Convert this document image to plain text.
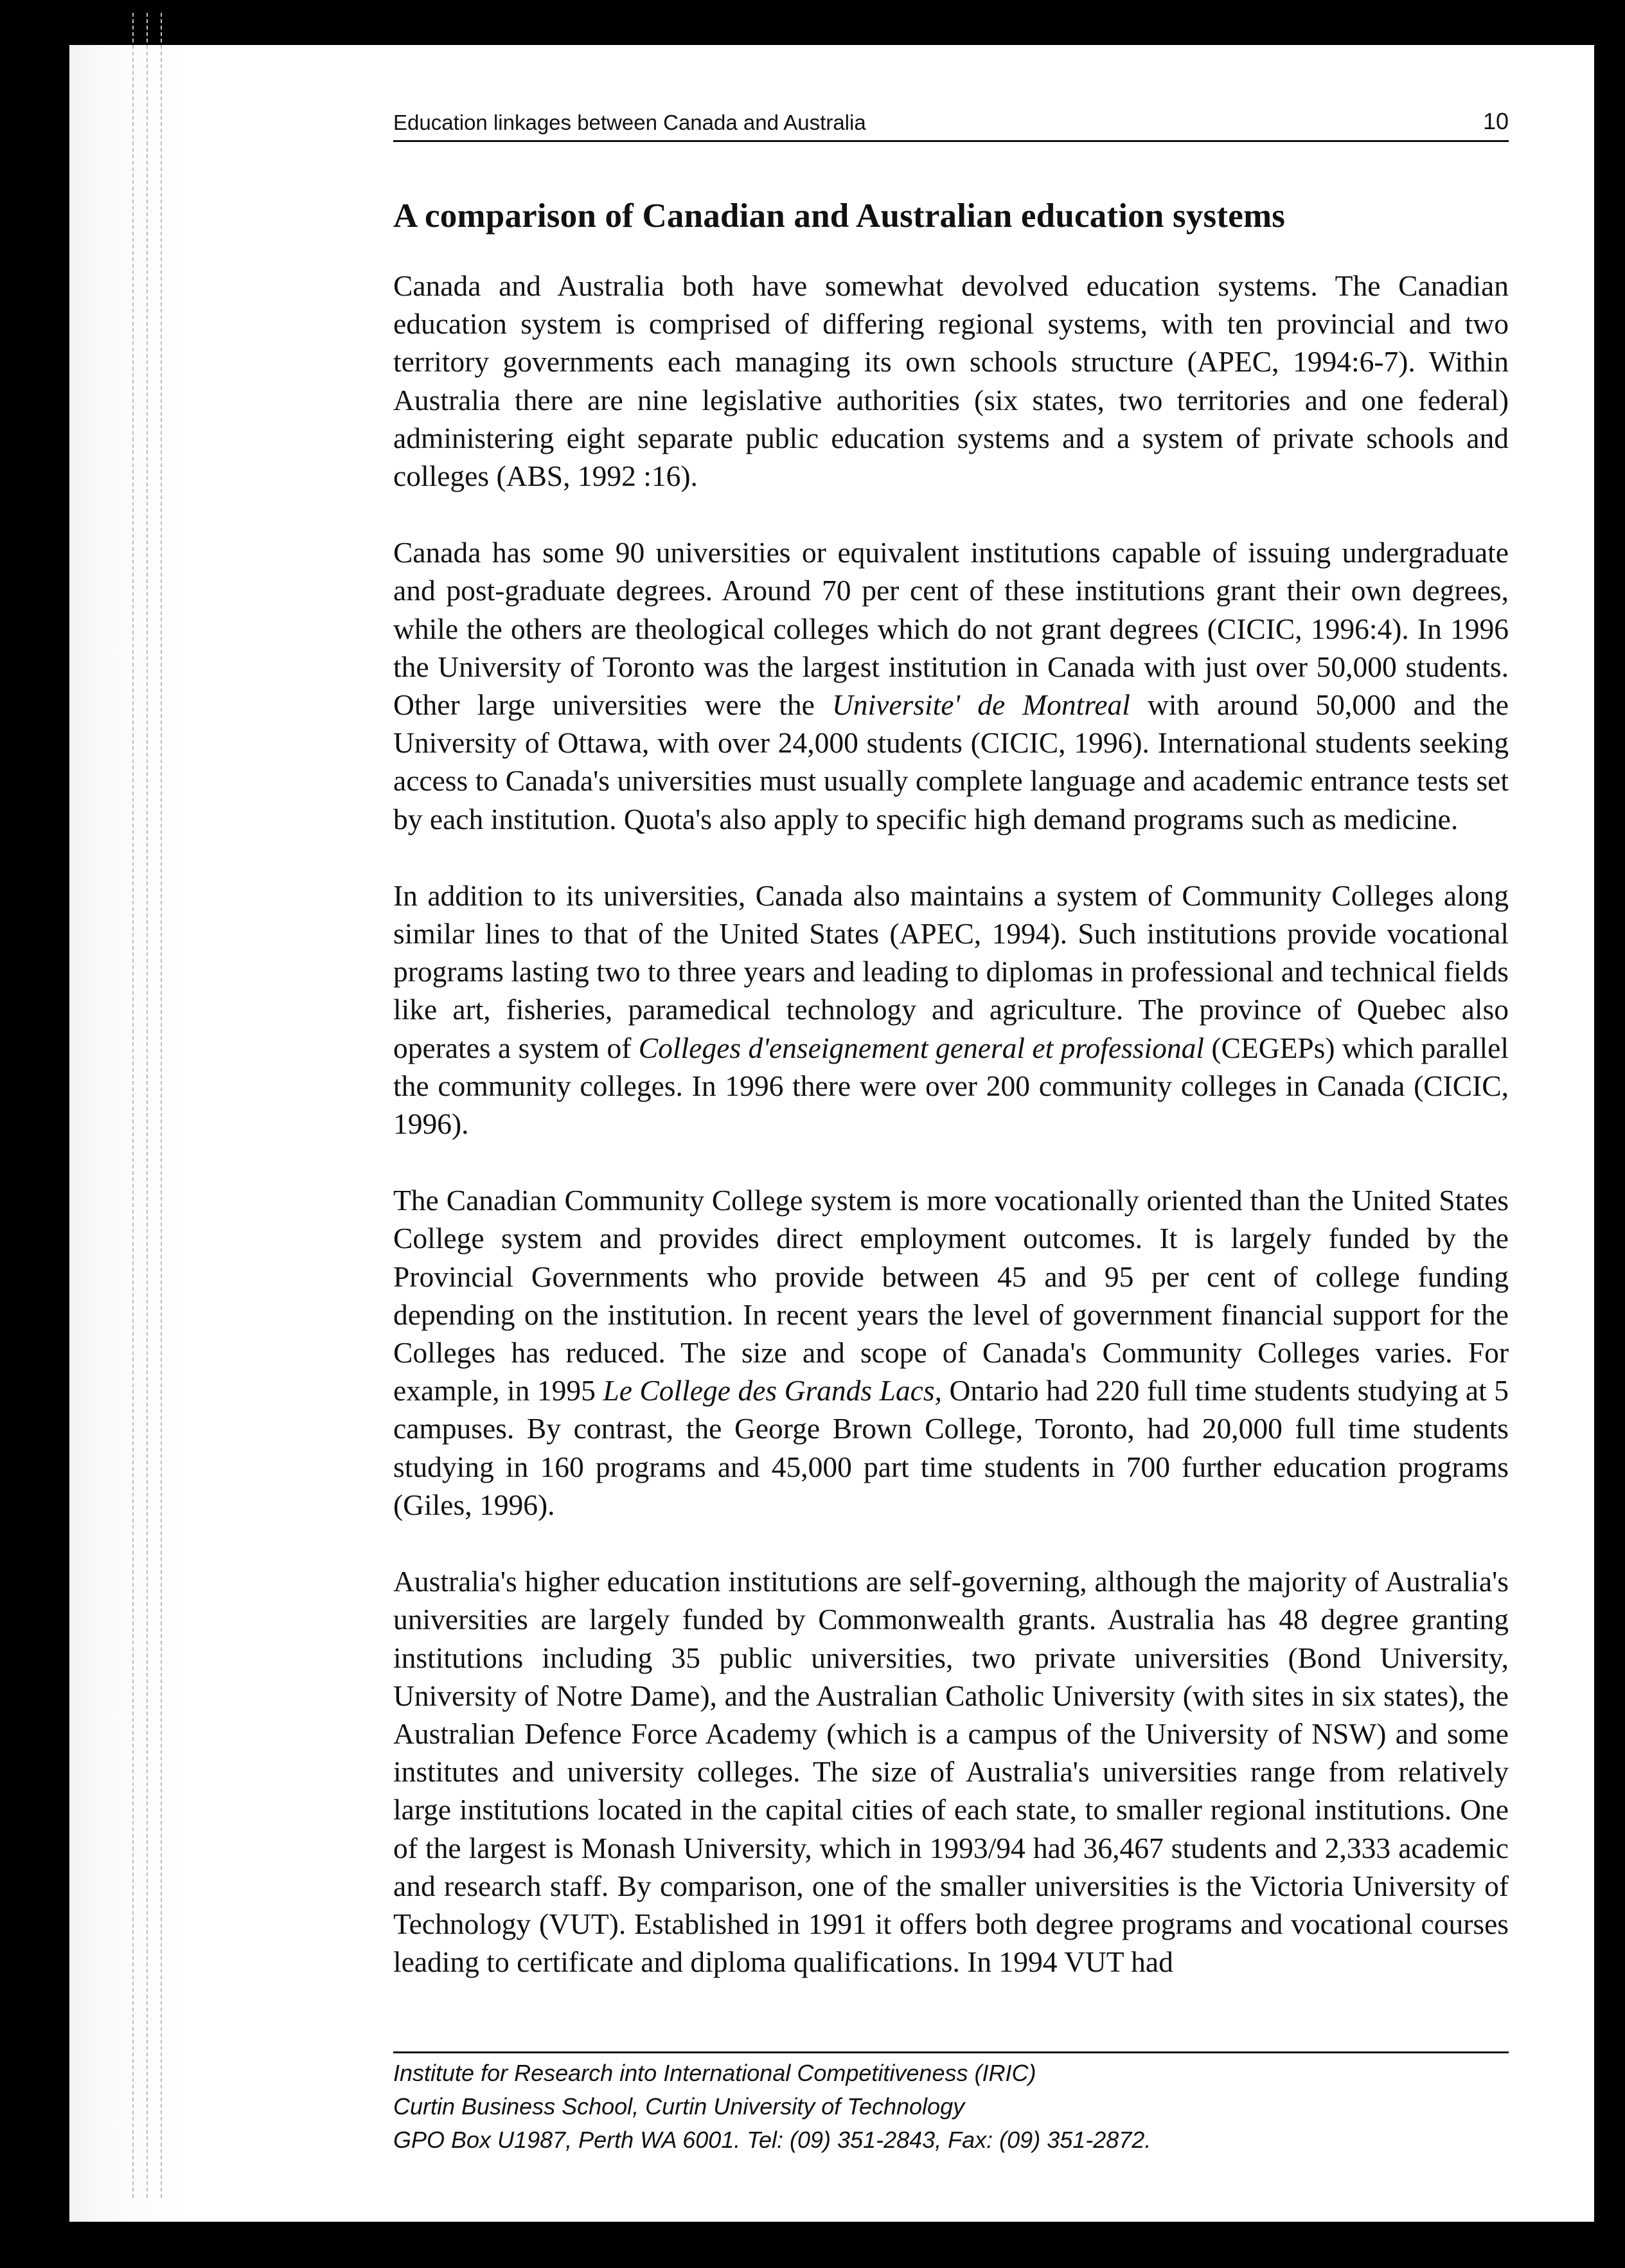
Education linkages between Canada and Australia	10
A comparison of Canadian and Australian education systems

Canada and Australia both have somewhat devolved education systems. The Canadian education system is comprised of differing regional systems, with ten provincial and two territory governments each managing its own schools structure (APEC, 1994:6-7). Within Australia there are nine legislative authorities (six states, two territories and one federal) administering eight separate public education systems and a system of private schools and colleges (ABS, 1992 :16).

Canada has some 90 universities or equivalent institutions capable of issuing undergraduate and post-graduate degrees. Around 70 per cent of these institutions grant their own degrees, while the others are theological colleges which do not grant degrees (CICIC, 1996:4). In 1996 the University of Toronto was the largest institution in Canada with just over 50,000 students. Other large universities were the Universite' de Montreal with around 50,000 and the University of Ottawa, with over 24,000 students (CICIC, 1996). International students seeking access to Canada's universities must usually complete language and academic entrance tests set by each institution. Quota's also apply to specific high demand programs such as medicine.

In addition to its universities, Canada also maintains a system of Community Colleges along similar lines to that of the United States (APEC, 1994). Such institutions provide vocational programs lasting two to three years and leading to diplomas in professional and technical fields like art, fisheries, paramedical technology and agriculture. The province of Quebec also operates a system of Colleges d'enseignement general et professional (CEGEPs) which parallel the community colleges. In 1996 there were over 200 community colleges in Canada (CICIC, 1996).

The Canadian Community College system is more vocationally oriented than the United States College system and provides direct employment outcomes. It is largely funded by the Provincial Governments who provide between 45 and 95 per cent of college funding depending on the institution. In recent years the level of government financial support for the Colleges has reduced. The size and scope of Canada's Community Colleges varies. For example, in 1995 Le College des Grands Lacs, Ontario had 220 full time students studying at 5 campuses. By contrast, the George Brown College, Toronto, had 20,000 full time students studying in 160 programs and 45,000 part time students in 700 further education programs (Giles, 1996).

Australia's higher education institutions are self-governing, although the majority of Australia's universities are largely funded by Commonwealth grants. Australia has 48 degree granting institutions including 35 public universities, two private universities (Bond University, University of Notre Dame), and the Australian Catholic University (with sites in six states), the Australian Defence Force Academy (which is a campus of the University of NSW) and some institutes and university colleges. The size of Australia's universities range from relatively large institutions located in the capital cities of each state, to smaller regional institutions. One of the largest is Monash University, which in 1993/94 had 36,467 students and 2,333 academic and research staff. By comparison, one of the smaller universities is the Victoria University of Technology (VUT). Established in 1991 it offers both degree programs and vocational courses leading to certificate and diploma qualifications. In 1994 VUT had

Institute for Research into International Competitiveness (IRIC)
Curtin Business School, Curtin University of Technology
GPO Box U1987, Perth WA 6001. Tel: (09) 351-2843, Fax: (09) 351-2872.
